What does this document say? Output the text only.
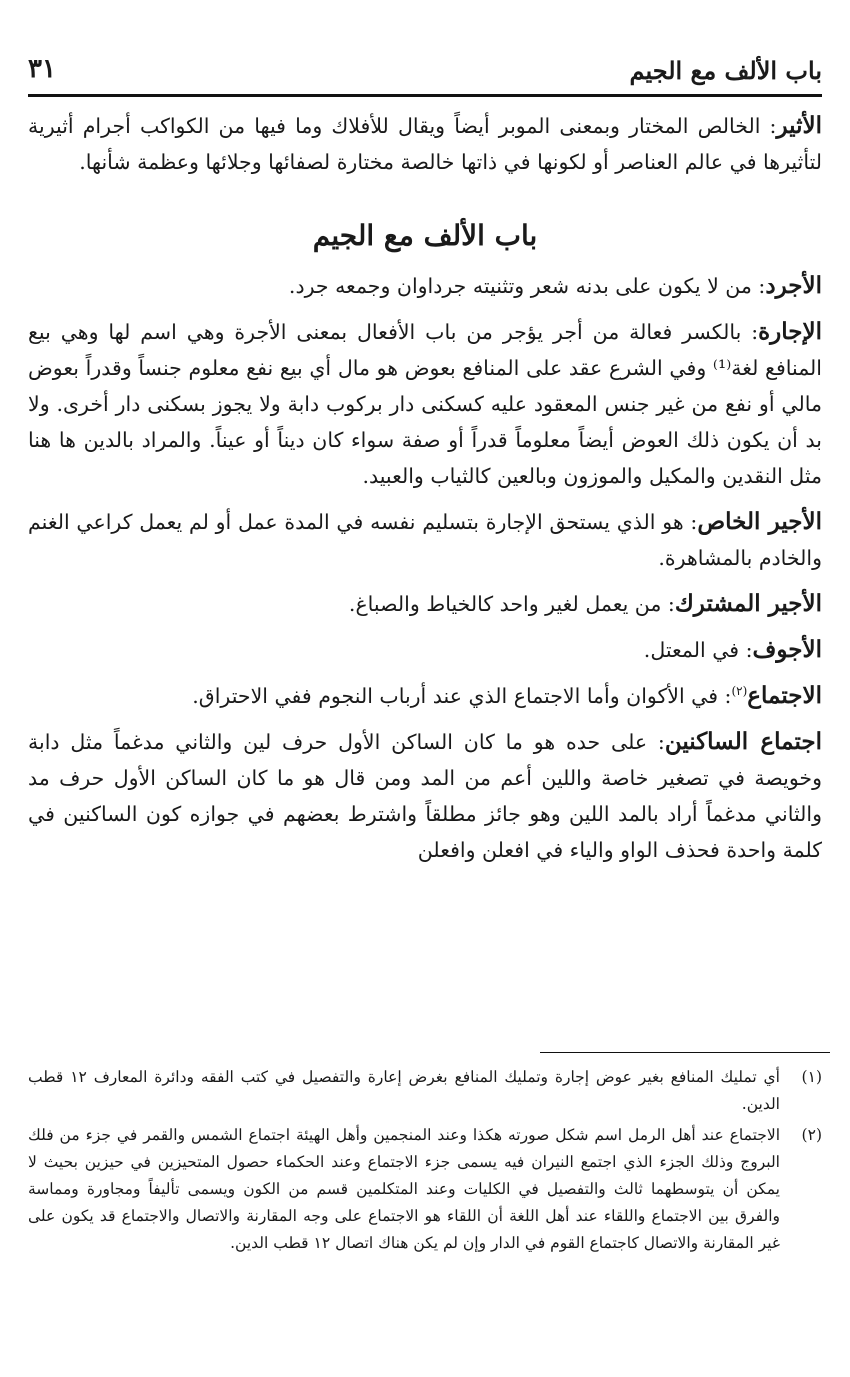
باب الألف مع الجيم
٣١

الأثير: الخالص المختار وبمعنى الموبر أيضاً ويقال للأفلاك وما فيها من الكواكب أجرام أثيرية لتأثيرها في عالم العناصر أو لكونها في ذاتها خالصة مختارة لصفائها وجلائها وعظمة شأنها.

باب الألف مع الجيم

الأجرد: من لا يكون على بدنه شعر وتثنيته جرداوان وجمعه جرد.

الإجارة: بالكسر فعالة من أجر يؤجر من باب الأفعال بمعنى الأجرة وهي اسم لها وهي بيع المنافع لغة⁽¹⁾ وفي الشرع عقد على المنافع بعوض هو مال أي بيع نفع معلوم جنساً وقدراً بعوض مالي أو نفع من غير جنس المعقود عليه كسكنى دار بركوب دابة ولا يجوز بسكنى دار أخرى. ولا بد أن يكون ذلك العوض أيضاً معلوماً قدراً أو صفة سواء كان ديناً أو عيناً. والمراد بالدين ها هنا مثل النقدين والمكيل والموزون وبالعين كالثياب والعبيد.

الأجير الخاص: هو الذي يستحق الإجارة بتسليم نفسه في المدة عمل أو لم يعمل كراعي الغنم والخادم بالمشاهرة.

الأجير المشترك: من يعمل لغير واحد كالخياط والصباغ.

الأجوف: في المعتل.

الاجتماع$^{(٢)}$: في الأكوان وأما الاجتماع الذي عند أرباب النجوم ففي الاحتراق.

اجتماع الساكنين: على حده هو ما كان الساكن الأول حرف لين والثاني مدغماً مثل دابة وخويصة في تصغير خاصة واللين أعم من المد ومن قال هو ما كان الساكن الأول حرف مد والثاني مدغماً أراد بالمد اللين وهو جائز مطلقاً واشترط بعضهم في جوازه كون الساكنين في كلمة واحدة فحذف الواو والياء في افعلن وافعلن

(١)
أي تمليك المنافع بغير عوض إجارة وتمليك المنافع بغرض إعارة والتفصيل في كتب الفقه ودائرة المعارف ١٢ قطب الدين.
(٢)
الاجتماع عند أهل الرمل اسم شكل صورته هكذا وعند المنجمين وأهل الهيئة اجتماع الشمس والقمر في جزء من فلك البروج وذلك الجزء الذي اجتمع النيران فيه يسمى جزء الاجتماع وعند الحكماء حصول المتحيزين في حيزين بحيث لا يمكن أن يتوسطهما ثالث والتفصيل في الكليات وعند المتكلمين قسم من الكون ويسمى تأليفاً ومجاورة ومماسة والفرق بين الاجتماع واللقاء عند أهل اللغة أن اللقاء هو الاجتماع على وجه المقارنة والاتصال والاجتماع قد يكون على غير المقارنة والاتصال كاجتماع القوم في الدار وإن لم يكن هناك اتصال ١٢ قطب الدين.
